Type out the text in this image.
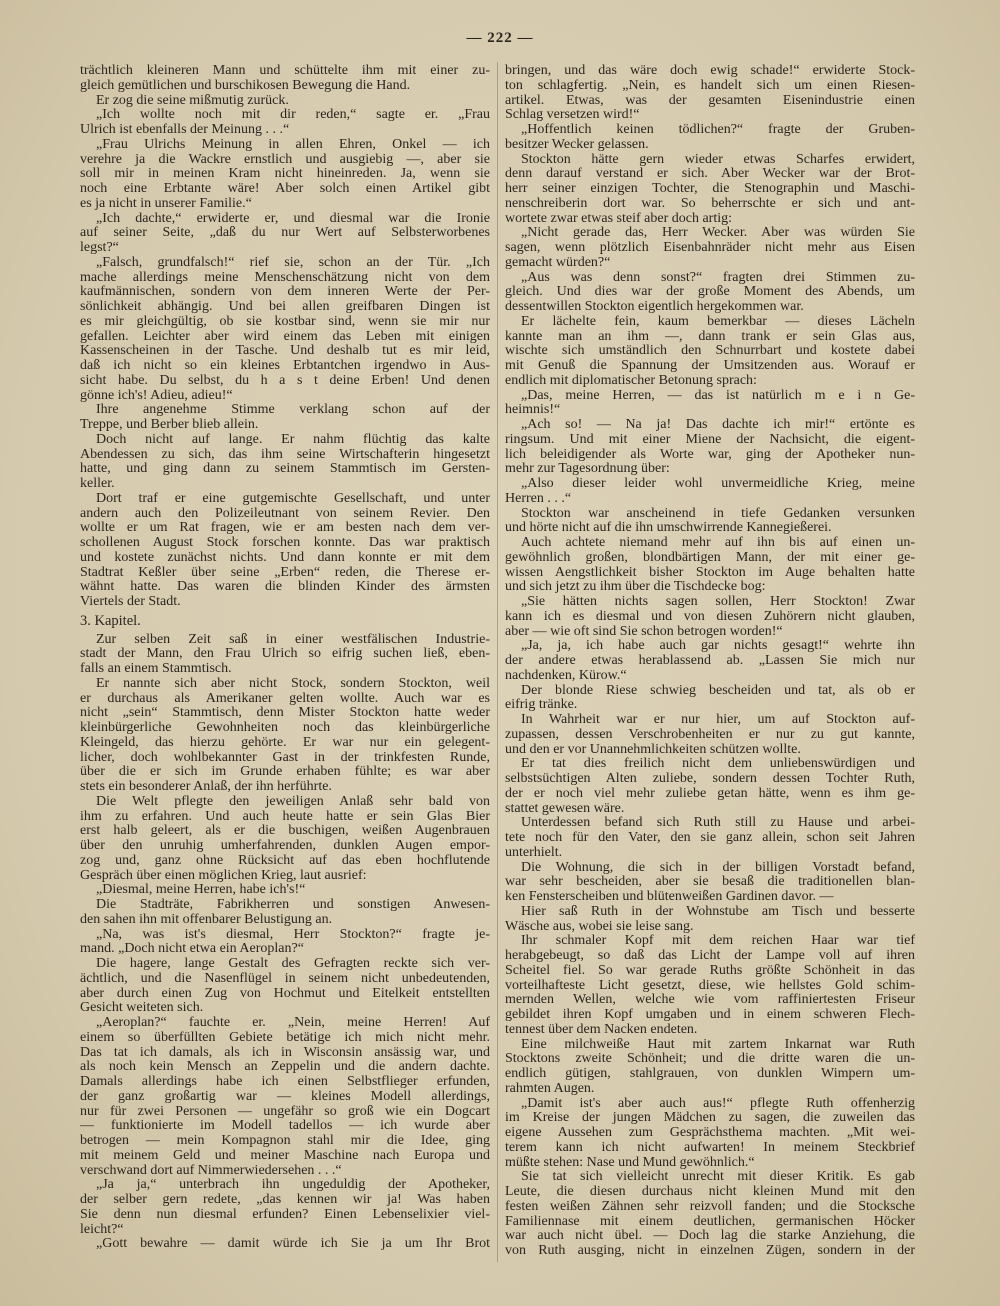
— 222 —
trächtlich kleineren Mann und schüttelte ihm mit einer zu-
gleich gemütlichen und burschikosen Bewegung die Hand.
Er zog die seine mißmutig zurück.
„Ich wollte noch mit dir reden,“ sagte er. „Frau
Ulrich ist ebenfalls der Meinung . . .“
„Frau Ulrichs Meinung in allen Ehren, Onkel — ich
verehre ja die Wackre ernstlich und ausgiebig —, aber sie
soll mir in meinen Kram nicht hineinreden. Ja, wenn sie
noch eine Erbtante wäre! Aber solch einen Artikel gibt
es ja nicht in unserer Familie.“
„Ich dachte,“ erwiderte er, und diesmal war die Ironie
auf seiner Seite, „daß du nur Wert auf Selbsterworbenes
legst?“
„Falsch, grundfalsch!“ rief sie, schon an der Tür. „Ich
mache allerdings meine Menschenschätzung nicht von dem
kaufmännischen, sondern von dem inneren Werte der Per-
sönlichkeit abhängig. Und bei allen greifbaren Dingen ist
es mir gleichgültig, ob sie kostbar sind, wenn sie mir nur
gefallen. Leichter aber wird einem das Leben mit einigen
Kassenscheinen in der Tasche. Und deshalb tut es mir leid,
daß ich nicht so ein kleines Erbtantchen irgendwo in Aus-
sicht habe. Du selbst, du h a s t deine Erben! Und denen
gönne ich's! Adieu, adieu!“
Ihre angenehme Stimme verklang schon auf der
Treppe, und Berber blieb allein.
Doch nicht auf lange. Er nahm flüchtig das kalte
Abendessen zu sich, das ihm seine Wirtschafterin hingesetzt
hatte, und ging dann zu seinem Stammtisch im Gersten-
keller.
Dort traf er eine gutgemischte Gesellschaft, und unter
andern auch den Polizeileutnant von seinem Revier. Den
wollte er um Rat fragen, wie er am besten nach dem ver-
schollenen August Stock forschen konnte. Das war praktisch
und kostete zunächst nichts. Und dann konnte er mit dem
Stadtrat Keßler über seine „Erben“ reden, die Therese er-
wähnt hatte. Das waren die blinden Kinder des ärmsten
Viertels der Stadt.
3. Kapitel.
Zur selben Zeit saß in einer westfälischen Industrie-
stadt der Mann, den Frau Ulrich so eifrig suchen ließ, eben-
falls an einem Stammtisch.
Er nannte sich aber nicht Stock, sondern Stockton, weil
er durchaus als Amerikaner gelten wollte. Auch war es
nicht „sein“ Stammtisch, denn Mister Stockton hatte weder
kleinbürgerliche Gewohnheiten noch das kleinbürgerliche
Kleingeld, das hierzu gehörte. Er war nur ein gelegent-
licher, doch wohlbekannter Gast in der trinkfesten Runde,
über die er sich im Grunde erhaben fühlte; es war aber
stets ein besonderer Anlaß, der ihn herführte.
Die Welt pflegte den jeweiligen Anlaß sehr bald von
ihm zu erfahren. Und auch heute hatte er sein Glas Bier
erst halb geleert, als er die buschigen, weißen Augenbrauen
über den unruhig umherfahrenden, dunklen Augen empor-
zog und, ganz ohne Rücksicht auf das eben hochflutende
Gespräch über einen möglichen Krieg, laut ausrief:
„Diesmal, meine Herren, habe ich's!“
Die Stadträte, Fabrikherren und sonstigen Anwesen-
den sahen ihn mit offenbarer Belustigung an.
„Na, was ist's diesmal, Herr Stockton?“ fragte je-
mand. „Doch nicht etwa ein Aeroplan?“
Die hagere, lange Gestalt des Gefragten reckte sich ver-
ächtlich, und die Nasenflügel in seinem nicht unbedeutenden,
aber durch einen Zug von Hochmut und Eitelkeit entstellten
Gesicht weiteten sich.
„Aeroplan?“ fauchte er. „Nein, meine Herren! Auf
einem so überfüllten Gebiete betätige ich mich nicht mehr.
Das tat ich damals, als ich in Wisconsin ansässig war, und
als noch kein Mensch an Zeppelin und die andern dachte.
Damals allerdings habe ich einen Selbstflieger erfunden,
der ganz großartig war — kleines Modell allerdings,
nur für zwei Personen — ungefähr so groß wie ein Dogcart
— funktionierte im Modell tadellos — ich wurde aber
betrogen — mein Kompagnon stahl mir die Idee, ging
mit meinem Geld und meiner Maschine nach Europa und
verschwand dort auf Nimmerwiedersehen . . .“
„Ja ja,“ unterbrach ihn ungeduldig der Apotheker,
der selber gern redete, „das kennen wir ja! Was haben
Sie denn nun diesmal erfunden? Einen Lebenselixier viel-
leicht?“
„Gott bewahre — damit würde ich Sie ja um Ihr Brot
bringen, und das wäre doch ewig schade!“ erwiderte Stock-
ton schlagfertig. „Nein, es handelt sich um einen Riesen-
artikel. Etwas, was der gesamten Eisenindustrie einen
Schlag versetzen wird!“
„Hoffentlich keinen tödlichen?“ fragte der Gruben-
besitzer Wecker gelassen.
Stockton hätte gern wieder etwas Scharfes erwidert,
denn darauf verstand er sich. Aber Wecker war der Brot-
herr seiner einzigen Tochter, die Stenographin und Maschi-
nenschreiberin dort war. So beherrschte er sich und ant-
wortete zwar etwas steif aber doch artig:
„Nicht gerade das, Herr Wecker. Aber was würden Sie
sagen, wenn plötzlich Eisenbahnräder nicht mehr aus Eisen
gemacht würden?“
„Aus was denn sonst?“ fragten drei Stimmen zu-
gleich. Und dies war der große Moment des Abends, um
dessentwillen Stockton eigentlich hergekommen war.
Er lächelte fein, kaum bemerkbar — dieses Lächeln
kannte man an ihm —, dann trank er sein Glas aus,
wischte sich umständlich den Schnurrbart und kostete dabei
mit Genuß die Spannung der Umsitzenden aus. Worauf er
endlich mit diplomatischer Betonung sprach:
„Das, meine Herren, — das ist natürlich m e i n Ge-
heimnis!“
„Ach so! — Na ja! Das dachte ich mir!“ ertönte es
ringsum. Und mit einer Miene der Nachsicht, die eigent-
lich beleidigender als Worte war, ging der Apotheker nun-
mehr zur Tagesordnung über:
„Also dieser leider wohl unvermeidliche Krieg, meine
Herren . . .“
Stockton war anscheinend in tiefe Gedanken versunken
und hörte nicht auf die ihn umschwirrende Kannegießerei.
Auch achtete niemand mehr auf ihn bis auf einen un-
gewöhnlich großen, blondbärtigen Mann, der mit einer ge-
wissen Aengstlichkeit bisher Stockton im Auge behalten hatte
und sich jetzt zu ihm über die Tischdecke bog:
„Sie hätten nichts sagen sollen, Herr Stockton! Zwar
kann ich es diesmal und von diesen Zuhörern nicht glauben,
aber — wie oft sind Sie schon betrogen worden!“
„Ja, ja, ich habe auch gar nichts gesagt!“ wehrte ihn
der andere etwas herablassend ab. „Lassen Sie mich nur
nachdenken, Kürow.“
Der blonde Riese schwieg bescheiden und tat, als ob er
eifrig tränke.
In Wahrheit war er nur hier, um auf Stockton auf-
zupassen, dessen Verschrobenheiten er nur zu gut kannte,
und den er vor Unannehmlichkeiten schützen wollte.
Er tat dies freilich nicht dem unliebenswürdigen und
selbstsüchtigen Alten zuliebe, sondern dessen Tochter Ruth,
der er noch viel mehr zuliebe getan hätte, wenn es ihm ge-
stattet gewesen wäre.
Unterdessen befand sich Ruth still zu Hause und arbei-
tete noch für den Vater, den sie ganz allein, schon seit Jahren
unterhielt.
Die Wohnung, die sich in der billigen Vorstadt befand,
war sehr bescheiden, aber sie besaß die traditionellen blan-
ken Fensterscheiben und blütenweißen Gardinen davor. —
Hier saß Ruth in der Wohnstube am Tisch und besserte
Wäsche aus, wobei sie leise sang.
Ihr schmaler Kopf mit dem reichen Haar war tief
herabgebeugt, so daß das Licht der Lampe voll auf ihren
Scheitel fiel. So war gerade Ruths größte Schönheit in das
vorteilhafteste Licht gesetzt, diese, wie hellstes Gold schim-
mernden Wellen, welche wie vom raffiniertesten Friseur
gebildet ihren Kopf umgaben und in einem schweren Flech-
tennest über dem Nacken endeten.
Eine milchweiße Haut mit zartem Inkarnat war Ruth
Stocktons zweite Schönheit; und die dritte waren die un-
endlich gütigen, stahlgrauen, von dunklen Wimpern um-
rahmten Augen.
„Damit ist's aber auch aus!“ pflegte Ruth offenherzig
im Kreise der jungen Mädchen zu sagen, die zuweilen das
eigene Aussehen zum Gesprächsthema machten. „Mit wei-
terem kann ich nicht aufwarten! In meinem Steckbrief
müßte stehen: Nase und Mund gewöhnlich.“
Sie tat sich vielleicht unrecht mit dieser Kritik. Es gab
Leute, die diesen durchaus nicht kleinen Mund mit den
festen weißen Zähnen sehr reizvoll fanden; und die Stocksche
Familiennase mit einem deutlichen, germanischen Höcker
war auch nicht übel. — Doch lag die starke Anziehung, die
von Ruth ausging, nicht in einzelnen Zügen, sondern in der
